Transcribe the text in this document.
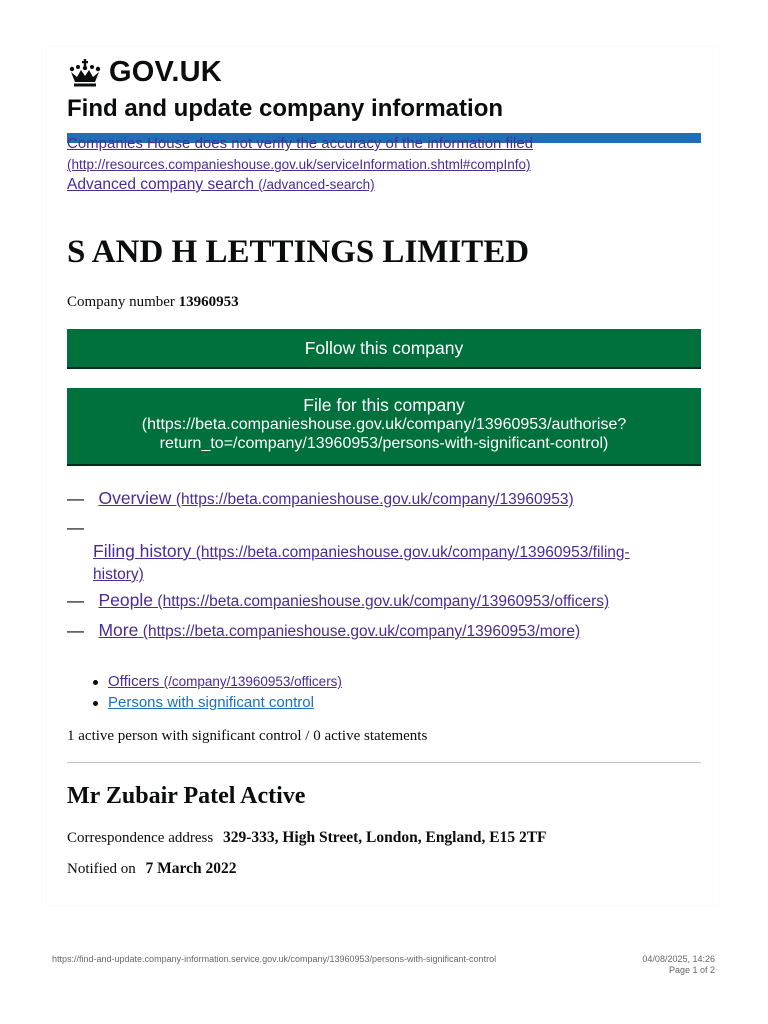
GOV.UK
Find and update company information
Companies House does not verify the accuracy of the information filed
(http://resources.companieshouse.gov.uk/serviceInformation.shtml#compInfo)
Advanced company search (/advanced-search)
S AND H LETTINGS LIMITED
Company number 13960953
Follow this company
File for this company
(https://beta.companieshouse.gov.uk/company/13960953/authorise?
return_to=/company/13960953/persons-with-significant-control)
— Overview (https://beta.companieshouse.gov.uk/company/13960953)
—
Filing history (https://beta.companieshouse.gov.uk/company/13960953/filing-
history)
— People (https://beta.companieshouse.gov.uk/company/13960953/officers)
— More (https://beta.companieshouse.gov.uk/company/13960953/more)
Officers (/company/13960953/officers)
Persons with significant control
1 active person with significant control / 0 active statements
Mr Zubair Patel Active
Correspondence address 329-333, High Street, London, England, E15 2TF
Notified on 7 March 2022
https://find-and-update.company-information.service.gov.uk/company/13960953/persons-with-significant-control	04/08/2025, 14:26
Page 1 of 2
